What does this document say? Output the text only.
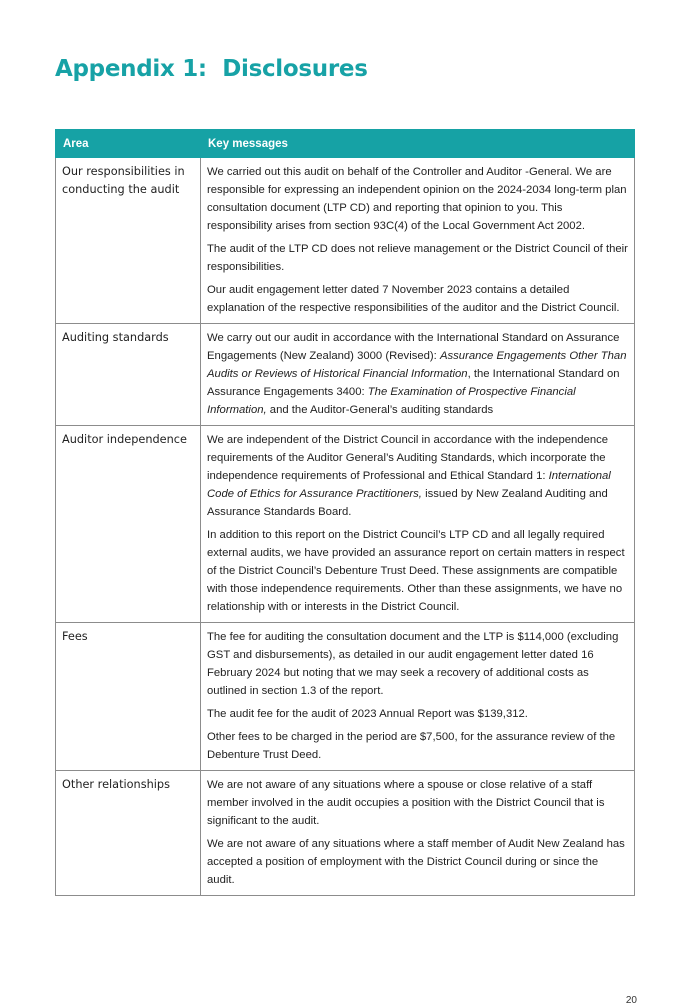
Appendix 1:  Disclosures
Area	Key messages
Our responsibilities in conducting the audit	We carried out this audit on behalf of the Controller and Auditor -General. We are responsible for expressing an independent opinion on the 2024-2034 long-term plan consultation document (LTP CD) and reporting that opinion to you. This responsibility arises from section 93C(4) of the Local Government Act 2002.

The audit of the LTP CD does not relieve management or the District Council of their responsibilities.

Our audit engagement letter dated 7 November 2023 contains a detailed explanation of the respective responsibilities of the auditor and the District Council.

Auditing standards	We carry out our audit in accordance with the International Standard on Assurance Engagements (New Zealand) 3000 (Revised): Assurance Engagements Other Than Audits or Reviews of Historical Financial Information, the International Standard on Assurance Engagements 3400: The Examination of Prospective Financial Information, and the Auditor-General’s auditing standards

Auditor independence	We are independent of the District Council in accordance with the independence requirements of the Auditor General’s Auditing Standards, which incorporate the independence requirements of Professional and Ethical Standard 1: International Code of Ethics for Assurance Practitioners, issued by New Zealand Auditing and Assurance Standards Board.

In addition to this report on the District Council’s LTP CD and all legally required external audits, we have provided an assurance report on certain matters in respect of the District Council’s Debenture Trust Deed. These assignments are compatible with those independence requirements. Other than these assignments, we have no relationship with or interests in the District Council.

Fees	The fee for auditing the consultation document and the LTP is $114,000 (excluding GST and disbursements), as detailed in our audit engagement letter dated 16 February 2024 but noting that we may seek a recovery of additional costs as outlined in section 1.3 of the report.

The audit fee for the audit of 2023 Annual Report was $139,312.

Other fees to be charged in the period are $7,500, for the assurance review of the Debenture Trust Deed.

Other relationships	We are not aware of any situations where a spouse or close relative of a staff member involved in the audit occupies a position with the District Council that is significant to the audit.

We are not aware of any situations where a staff member of Audit New Zealand has accepted a position of employment with the District Council during or since the audit.

20
